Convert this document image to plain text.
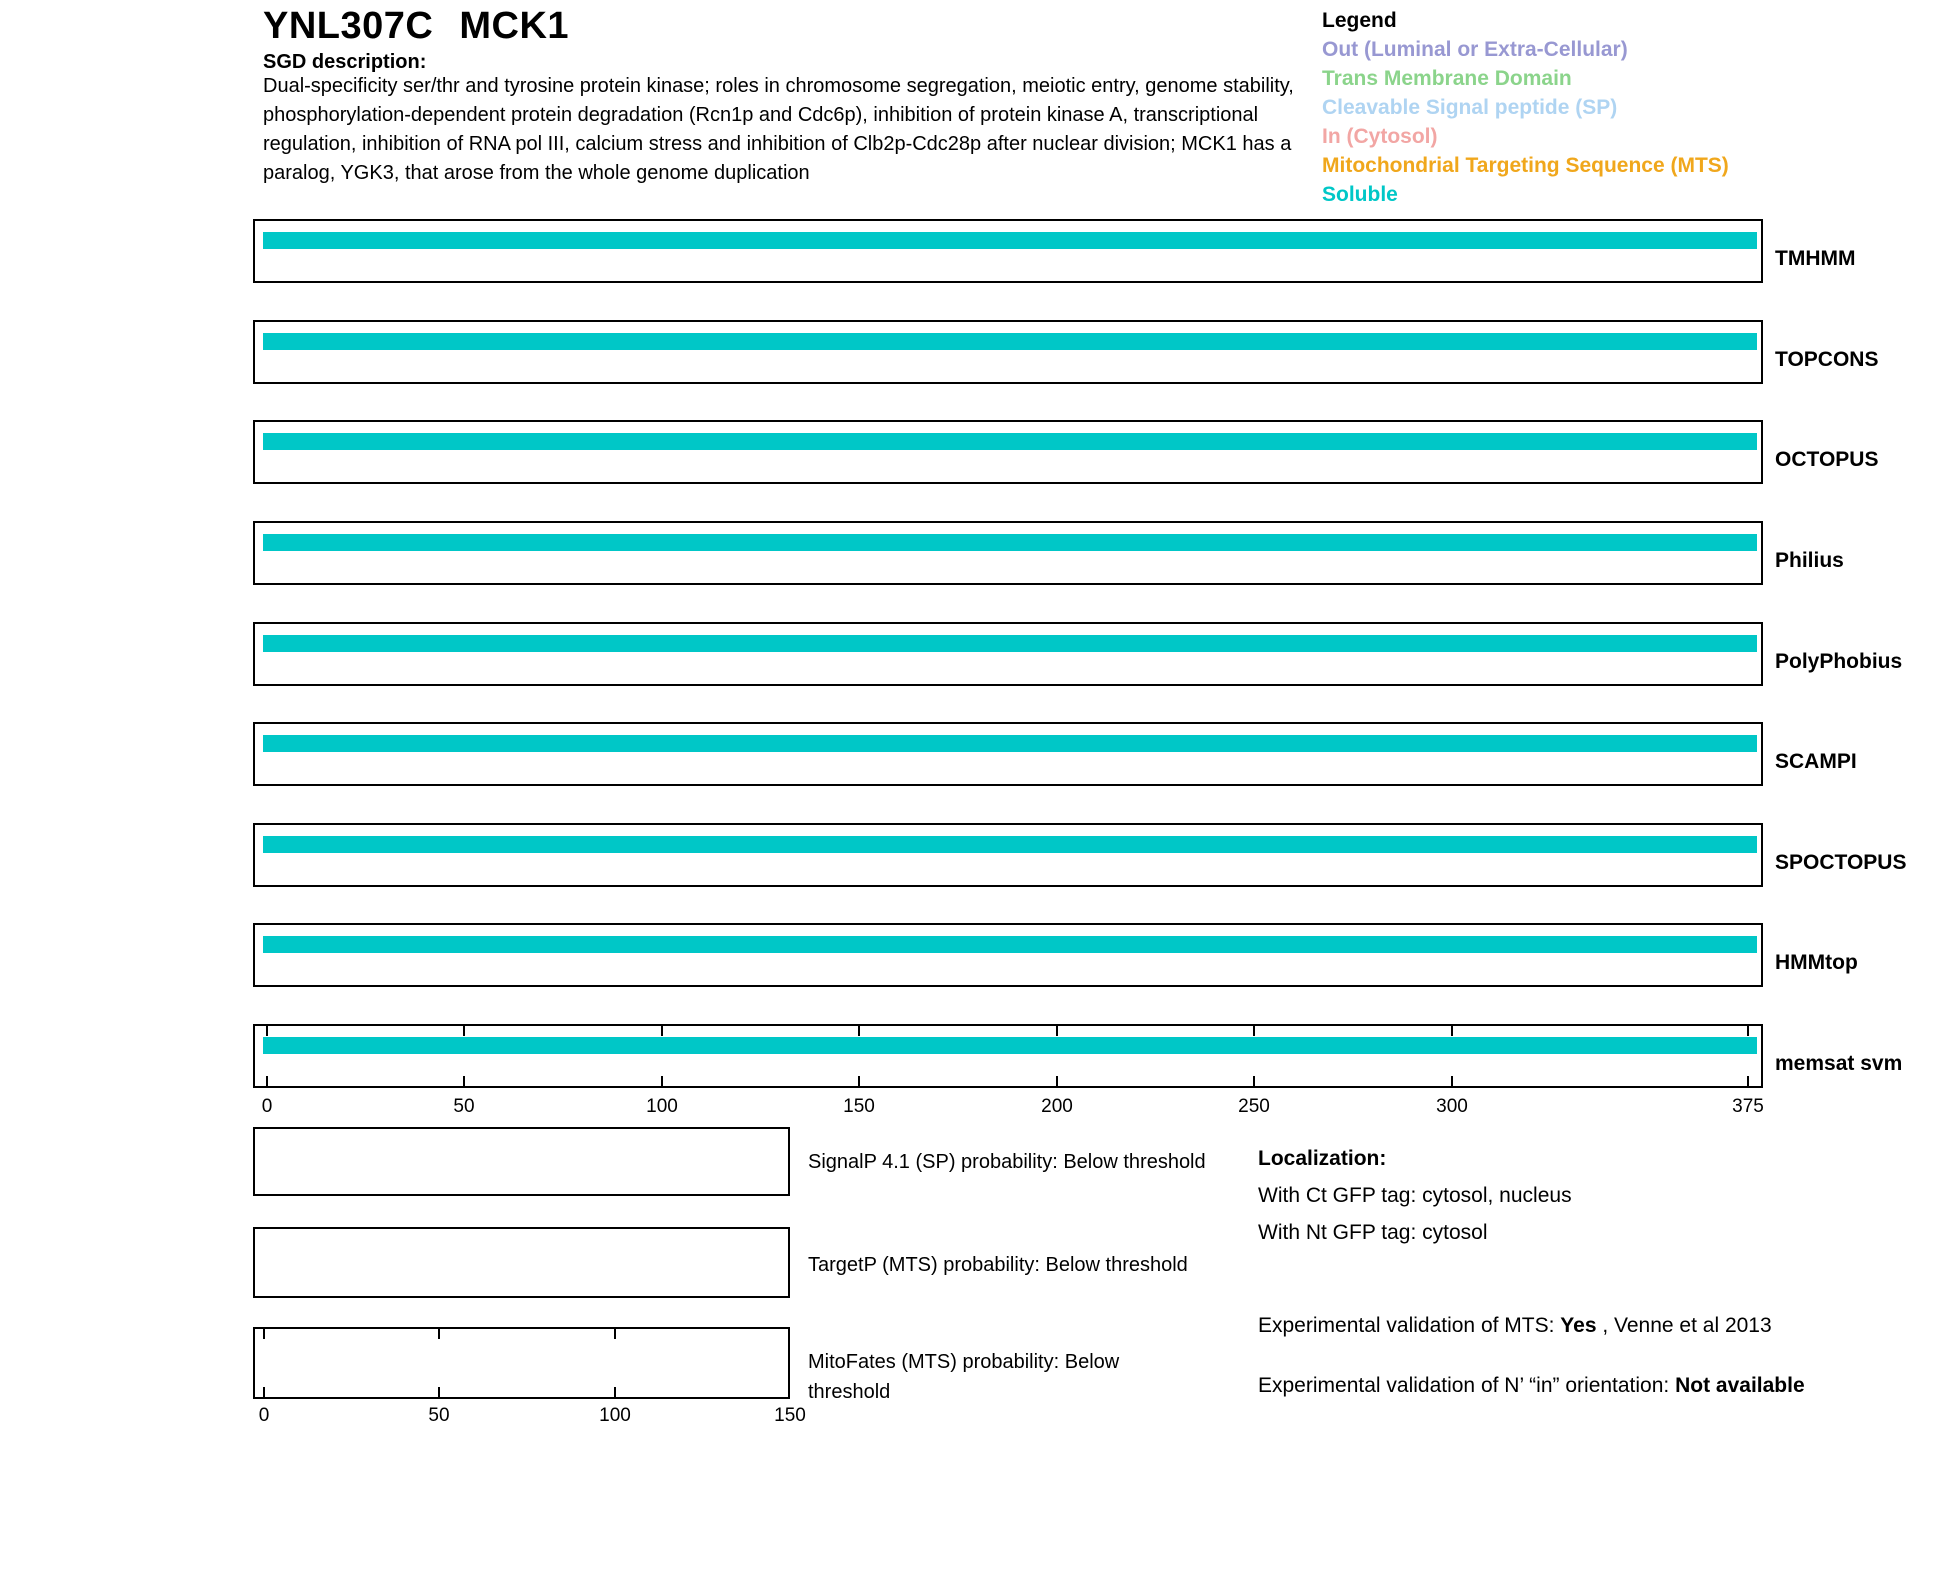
YNL307C MCK1
SGD description:
Dual-specificity ser/thr and tyrosine protein kinase; roles in chromosome segregation, meiotic entry, genome stability, phosphorylation-dependent protein degradation (Rcn1p and Cdc6p), inhibition of protein kinase A, transcriptional regulation, inhibition of RNA pol III, calcium stress and inhibition of Clb2p-Cdc28p after nuclear division; MCK1 has a paralog, YGK3, that arose from the whole genome duplication
Legend
Out (Luminal or Extra-Cellular)
Trans Membrane Domain
Cleavable Signal peptide (SP)
In (Cytosol)
Mitochondrial Targeting Sequence (MTS)
Soluble
TMHMM
TOPCONS
OCTOPUS
Philius
PolyPhobius
SCAMPI
SPOCTOPUS
HMMtop
memsat svm
0	50	100	150	200	250	300	375
0	50	100	150
SignalP 4.1 (SP) probability: Below threshold
TargetP (MTS) probability: Below threshold
MitoFates (MTS) probability: Below threshold
Localization:
With Ct GFP tag: cytosol, nucleus
With Nt GFP tag: cytosol
Experimental validation of MTS: Yes , Venne et al 2013
Experimental validation of N’ “in” orientation: Not available
